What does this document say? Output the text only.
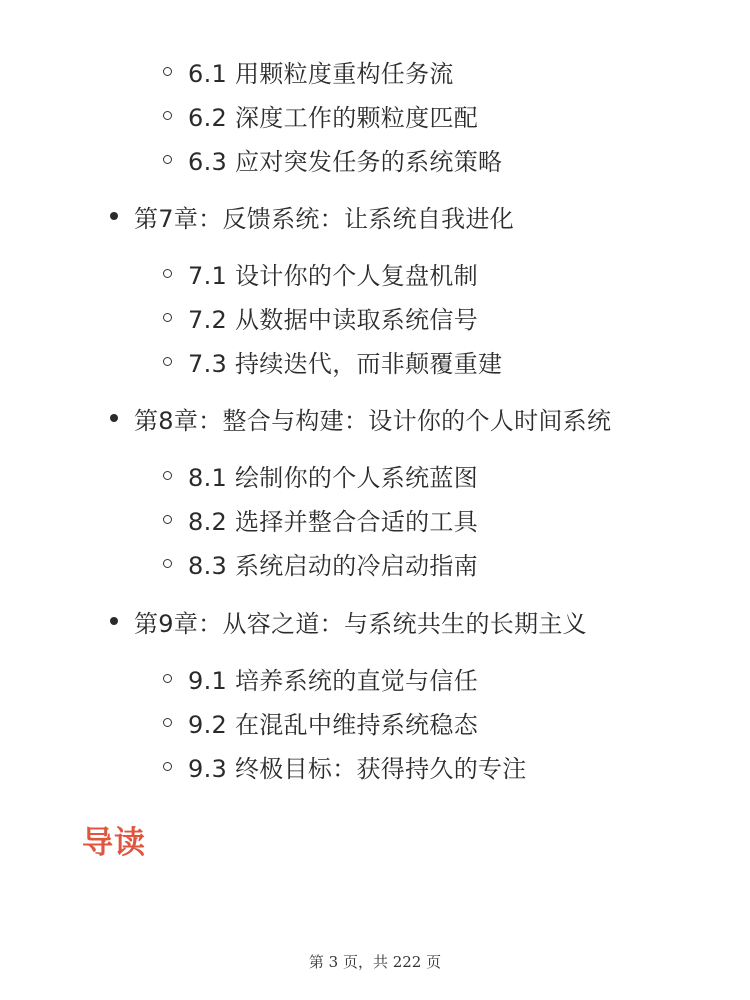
6.1 用颗粒度重构任务流
6.2 深度工作的颗粒度匹配
6.3 应对突发任务的系统策略
第7章：反馈系统：让系统自我进化
7.1 设计你的个人复盘机制
7.2 从数据中读取系统信号
7.3 持续迭代，而非颠覆重建
第8章：整合与构建：设计你的个人时间系统
8.1 绘制你的个人系统蓝图
8.2 选择并整合合适的工具
8.3 系统启动的冷启动指南
第9章：从容之道：与系统共生的长期主义
9.1 培养系统的直觉与信任
9.2 在混乱中维持系统稳态
9.3 终极目标：获得持久的专注
导读
第 3 页，共 222 页
